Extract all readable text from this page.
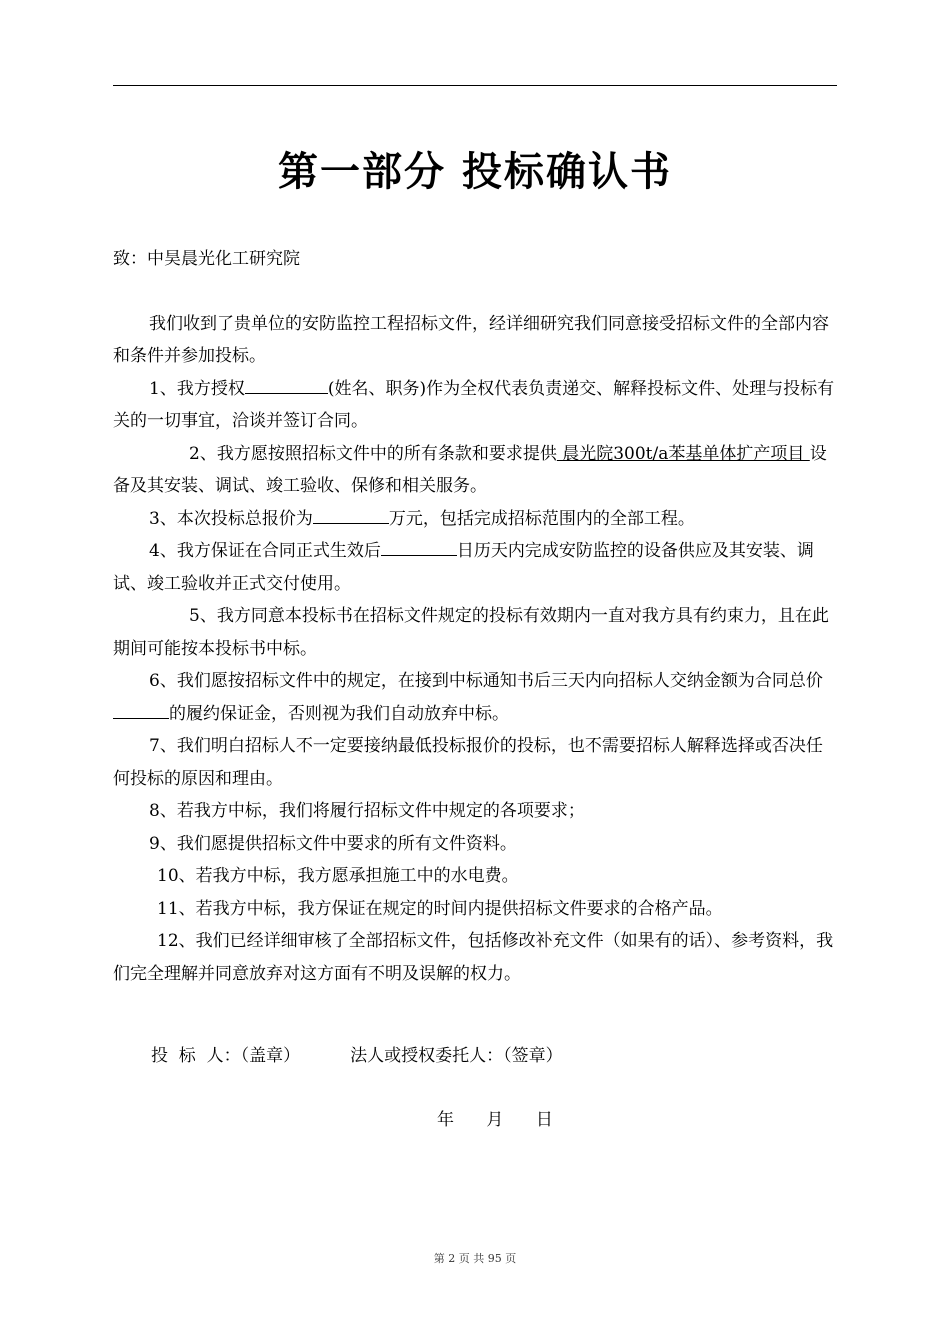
第一部分 投标确认书

致：中昊晨光化工研究院

我们收到了贵单位的安防监控工程招标文件，经详细研究我们同意接受招标文件的全部内容和条件并参加投标。

1、我方授权	(姓名、职务)作为全权代表负责递交、解释投标文件、处理与投标有关的一切事宜，洽谈并签订合同。

2、我方愿按照招标文件中的所有条款和要求提供 晨光院300t/a苯基单体扩产项目 设备及其安装、调试、竣工验收、保修和相关服务。

3、本次投标总报价为	万元，包括完成招标范围内的全部工程。

4、我方保证在合同正式生效后	日历天内完成安防监控的设备供应及其安装、调试、竣工验收并正式交付使用。

5、我方同意本投标书在招标文件规定的投标有效期内一直对我方具有约束力，且在此期间可能按本投标书中标。

6、我们愿按招标文件中的规定，在接到中标通知书后三天内向招标人交纳金额为合同总价的履约保证金，否则视为我们自动放弃中标。

7、我们明白招标人不一定要接纳最低投标报价的投标，也不需要招标人解释选择或否决任何投标的原因和理由。

8、若我方中标，我们将履行招标文件中规定的各项要求；

9、我们愿提供招标文件中要求的所有文件资料。

10、若我方中标，我方愿承担施工中的水电费。

11、若我方中标，我方保证在规定的时间内提供招标文件要求的合格产品。

12、我们已经详细审核了全部招标文件，包括修改补充文件（如果有的话）、参考资料，我们完全理解并同意放弃对这方面有不明及误解的权力。

投  标  人：（盖章）	法人或授权委托人：（签章）
年      月      日
第 2 页 共 95 页
